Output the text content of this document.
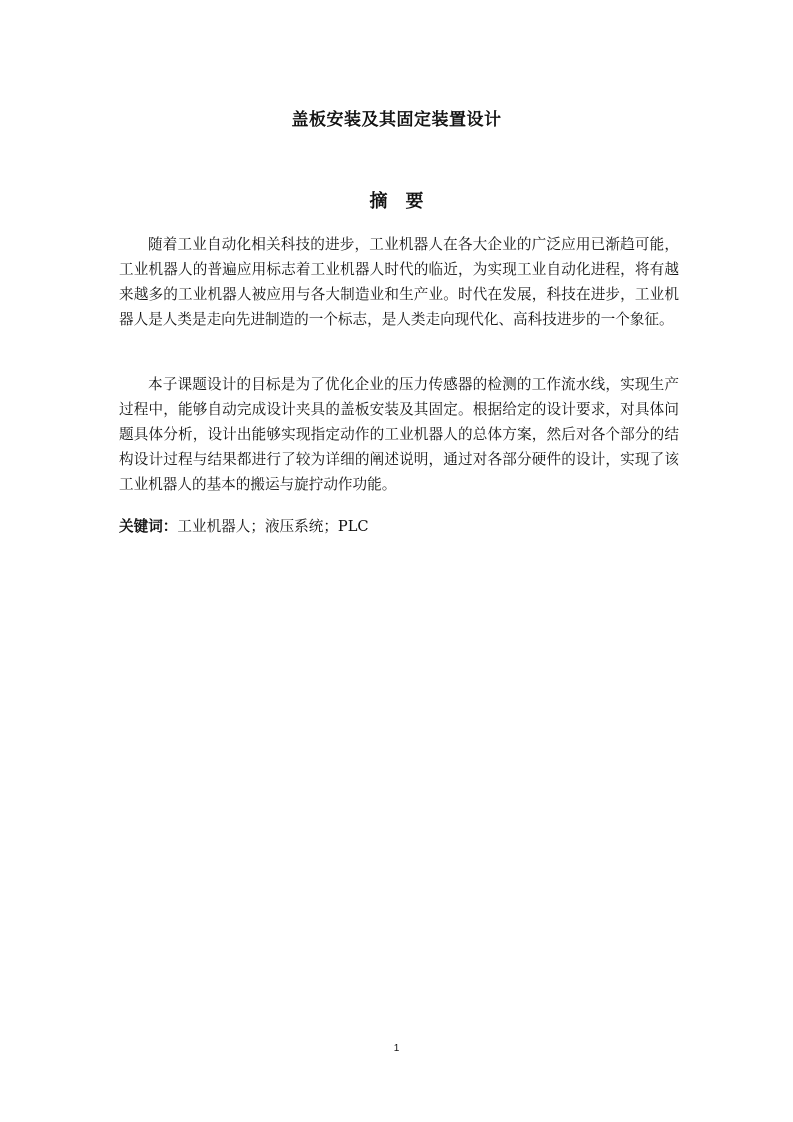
盖板安装及其固定装置设计
摘要

随着工业自动化相关科技的进步，工业机器人在各大企业的广泛应用已渐趋可能，工业机器人的普遍应用标志着工业机器人时代的临近，为实现工业自动化进程，将有越来越多的工业机器人被应用与各大制造业和生产业。时代在发展，科技在进步，工业机器人是人类是走向先进制造的一个标志，是人类走向现代化、高科技进步的一个象征。

本子课题设计的目标是为了优化企业的压力传感器的检测的工作流水线，实现生产过程中，能够自动完成设计夹具的盖板安装及其固定。根据给定的设计要求，对具体问题具体分析，设计出能够实现指定动作的工业机器人的总体方案，然后对各个部分的结构设计过程与结果都进行了较为详细的阐述说明，通过对各部分硬件的设计，实现了该工业机器人的基本的搬运与旋拧动作功能。

关键词：工业机器人；液压系统；PLC
1
